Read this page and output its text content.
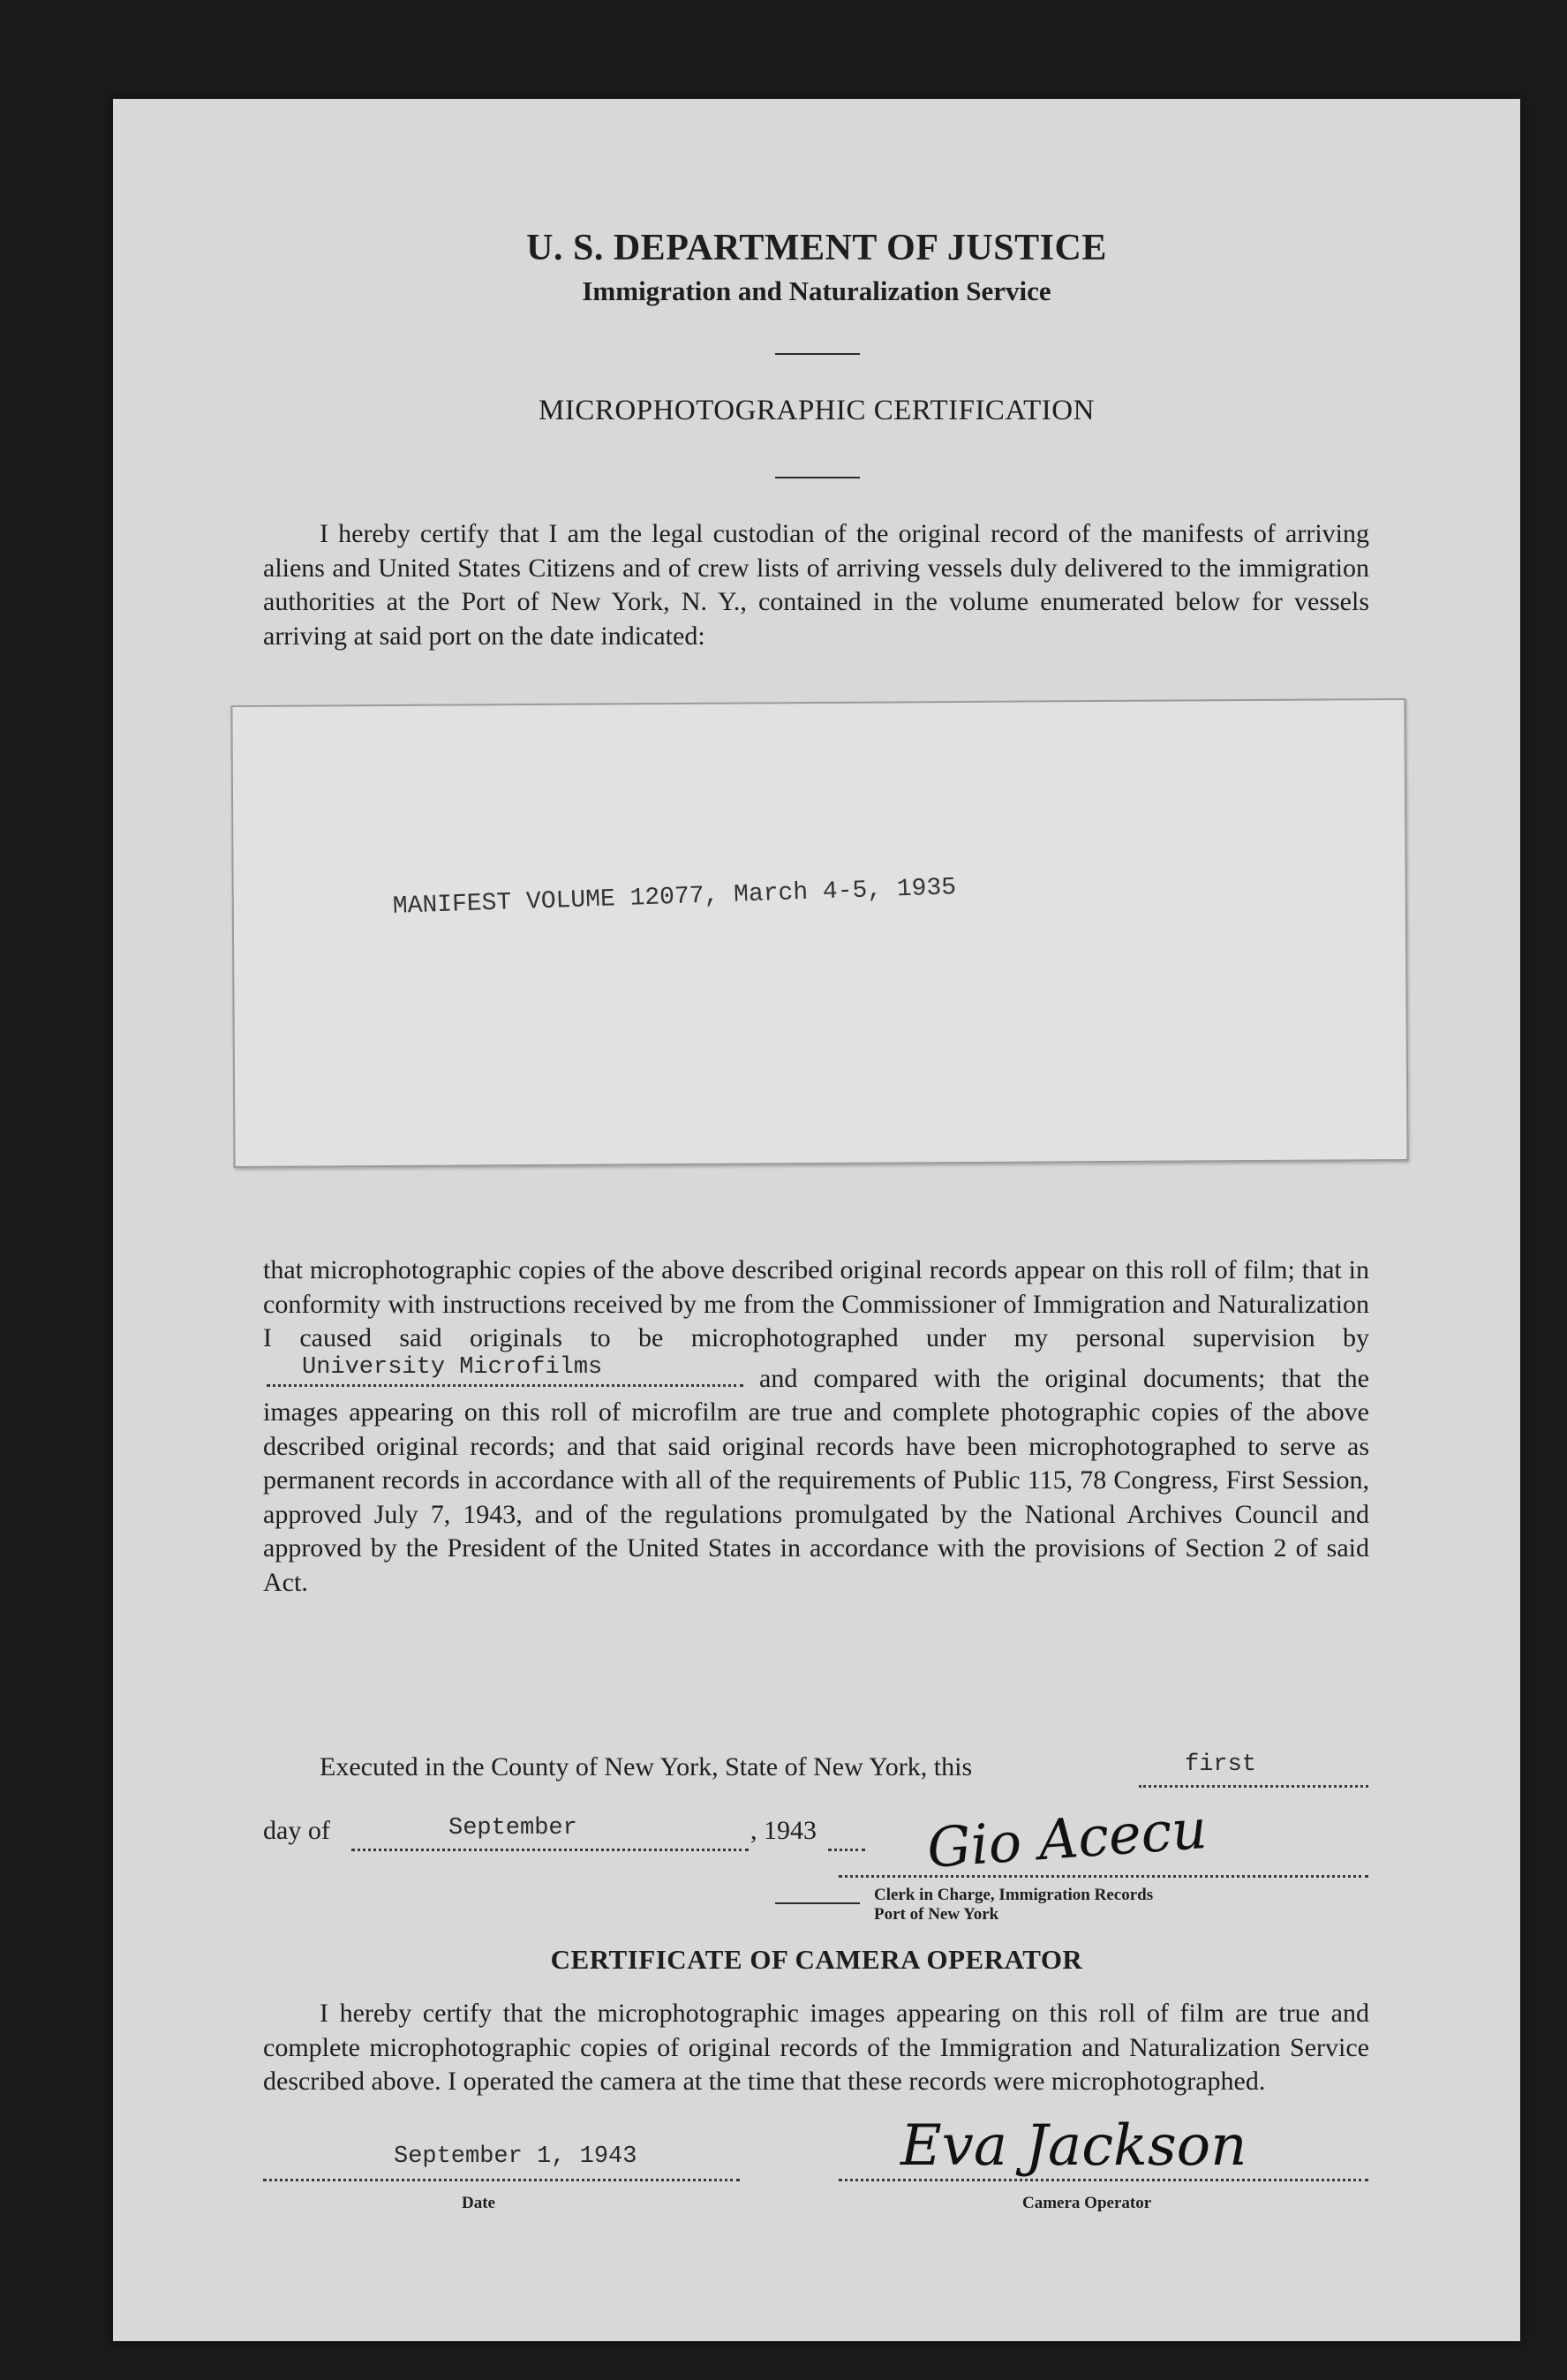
U. S. DEPARTMENT OF JUSTICE
Immigration and Naturalization Service
MICROPHOTOGRAPHIC CERTIFICATION

I hereby certify that I am the legal custodian of the original record of the manifests of arriving aliens and United States Citizens and of crew lists of arriving vessels duly delivered to the immigration authorities at the Port of New York, N. Y., contained in the volume enumerated below for vessels arriving at said port on the date indicated:

MANIFEST VOLUME 12077, March 4-5, 1935

that microphotographic copies of the above described original records appear on this roll of film; that in conformity with instructions received by me from the Commissioner of Immigration and Naturalization I caused said originals to be microphotographed under my personal supervision by
University Microfilms	and compared with the original documents; that the images appearing on this roll of microfilm are true and complete photographic copies of the above described original records; and that said original records have been microphotographed to serve as permanent records in accordance with all of the requirements of Public 115, 78 Congress, First Session, approved July 7, 1943, and of the regulations promulgated by the National Archives Council and approved by the President of the United States in accordance with the provisions of Section 2 of said Act.

Executed in the County of New York, State of New York, this	first
day of	September	, 1943 Gio Acecu
Clerk in Charge, Immigration Records
Port of New York
CERTIFICATE OF CAMERA OPERATOR

I hereby certify that the microphotographic images appearing on this roll of film are true and complete microphotographic copies of original records of the Immigration and Naturalization Service described above. I operated the camera at the time that these records were microphotographed.

September 1, 1943
Date
Eva Jackson
Camera Operator
